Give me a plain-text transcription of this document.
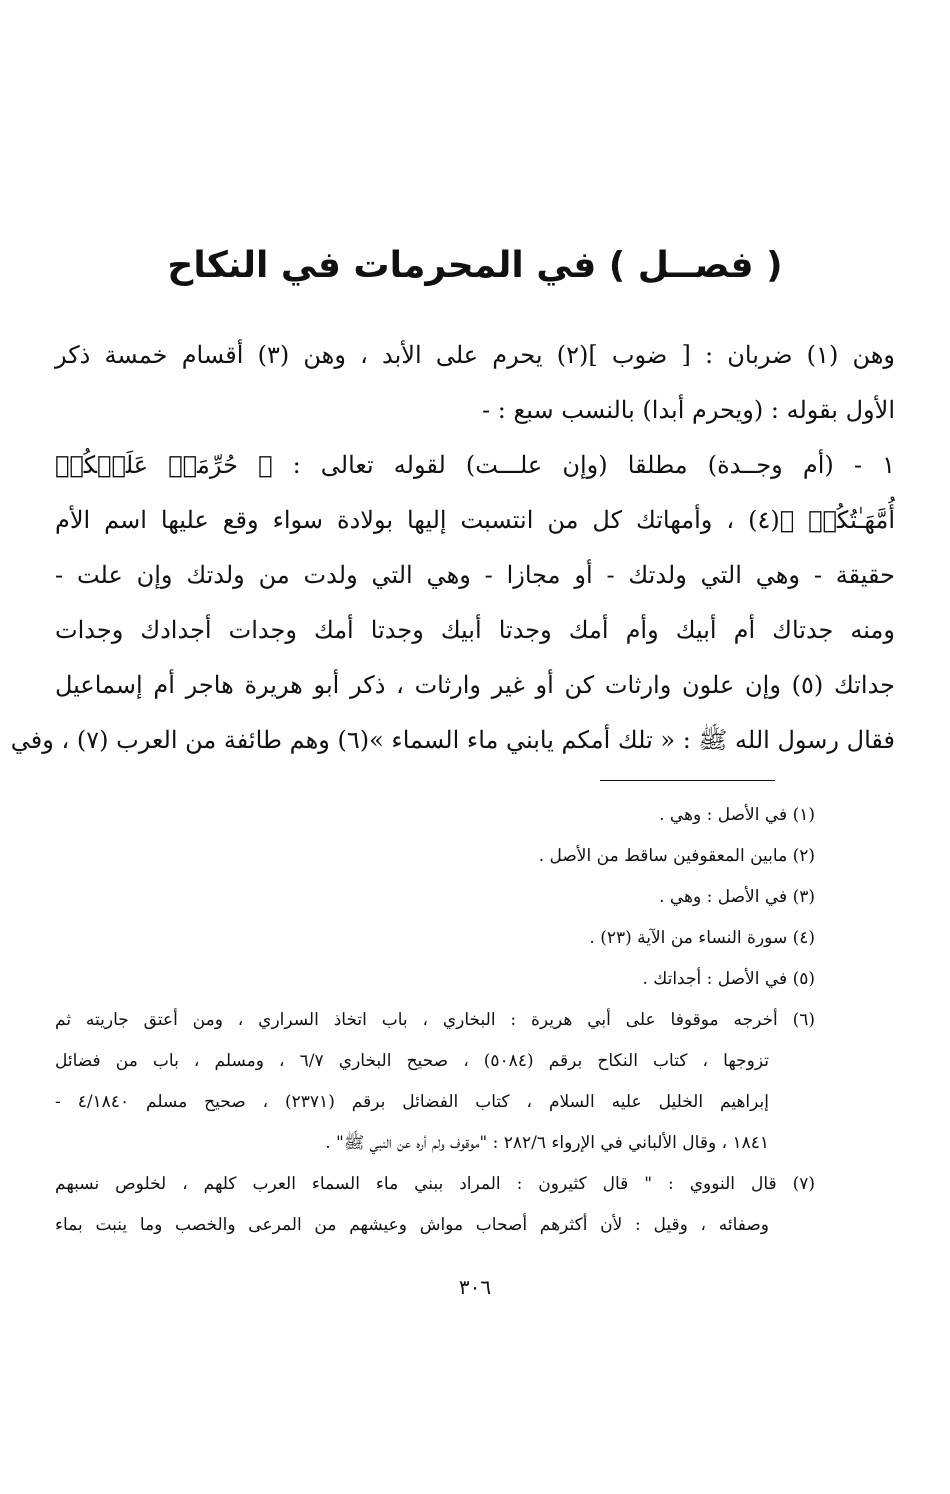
( فصــل ) في المحرمات في النكاح
وهن (١) ضربان : [ ضوب ](٢) يحرم على الأبد ، وهن (٣) أقسام خمسة ذكر
الأول بقوله : (ويحرم أبدا) بالنسب سبع : -
١ - (أم وجــدة) مطلقا (وإن علـــت) لقوله تعالى : ﴿ حُرِّمَتۡ عَلَيۡكُمۡ
أُمَّهَـٰتُكُمۡ ﴾(٤) ، وأمهاتك كل من انتسبت إليها بولادة سواء وقع عليها اسم الأم
حقيقة - وهي التي ولدتك - أو مجازا - وهي التي ولدت من ولدتك وإن علت -
ومنه جدتاك أم أبيك وأم أمك وجدتا أبيك وجدتا أمك وجدات أجدادك وجدات
جداتك (٥) وإن علون وارثات كن أو غير وارثات ، ذكر أبو هريرة هاجر أم إسماعيل
فقال رسول الله ﷺ : « تلك أمكم يابني ماء السماء »(٦) وهم طائفة من العرب (٧) ، وفي
(١) في الأصل : وهي .
(٢) مابين المعقوفين ساقط من الأصل .
(٣) في الأصل : وهي .
(٤) سورة النساء من الآية (٢٣) .
(٥) في الأصل : أجداتك .
(٦) أخرجه موقوفا على أبي هريرة : البخاري ، باب اتخاذ السراري ، ومن أعتق جاريته ثم
تزوجها ، كتاب النكاح برقم (٥٠٨٤) ، صحيح البخاري ٦/٧ ، ومسلم ، باب من فضائل
إبراهيم الخليل عليه السلام ، كتاب الفضائل برقم (٢٣٧١) ، صحيح مسلم ٤/١٨٤٠ -
١٨٤١ ، وقال الألباني في الإرواء ٢٨٢/٦ : "موقوف ولم أره عن النبي ﷺ" .
(٧) قال النووي : " قال كثيرون : المراد ببني ماء السماء العرب كلهم ، لخلوص نسبهم
وصفائه ، وقيل : لأن أكثرهم أصحاب مواش وعيشهم من المرعى والخصب وما ينبت بماء
٣٠٦
